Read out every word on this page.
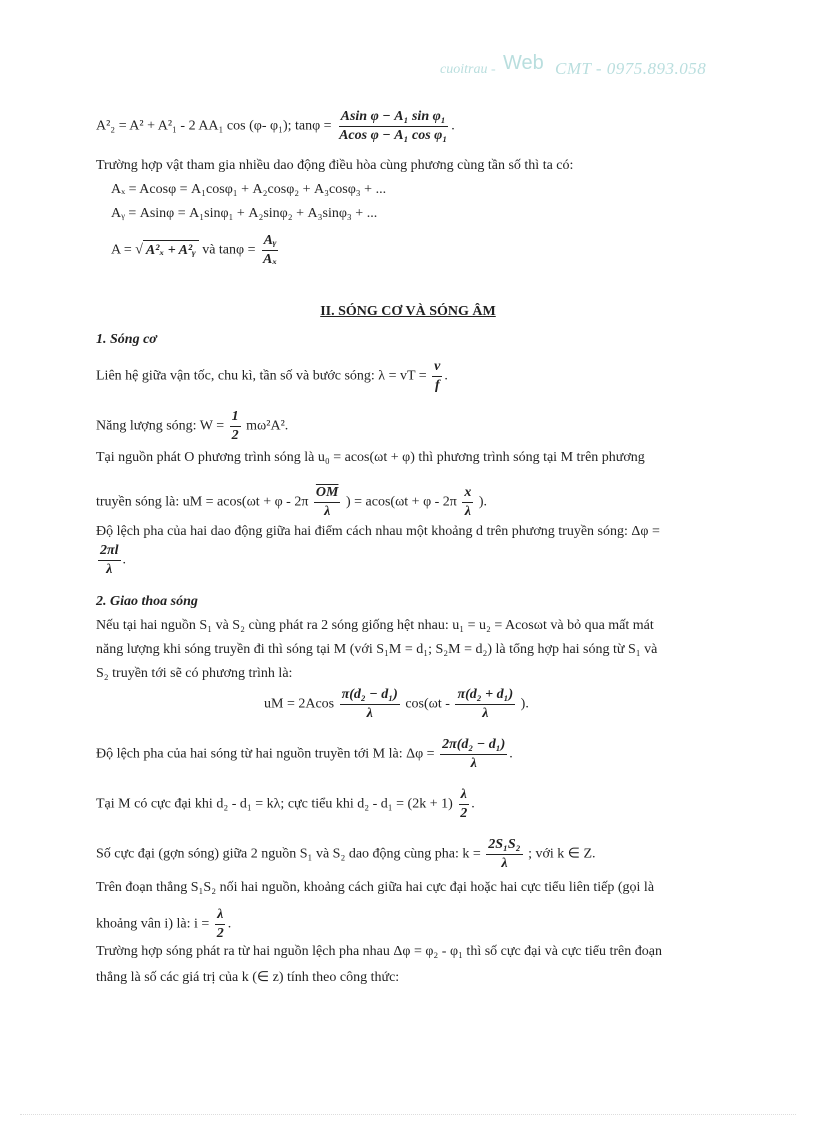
cuoitrau - Web CMT - 0975.893.058
A²₂ = A² + A²₁ - 2 AA₁ cos (φ- φ₁); $\tan\varphi = \frac{\text{Asin φ − A₁ sin φ₁}}{\text{Acos φ − A₁ cos φ₁}}$ .
Trường hợp vật tham gia nhiều dao động điều hòa cùng phương cùng tần số thì ta có:
Aₓ = Acosφ = A₁cosφ₁ + A₂cosφ₂ + A₃cosφ₃ + ...
Aᵧ = Asinφ = A₁sinφ₁ + A₂sinφ₂ + A₃sinφ₃ + ...
A = √ A²ₓ + A²ᵧ và $\tan\varphi = \frac{\text{Aᵧ}}{\text{Aₓ}}$
II. SÓNG CƠ VÀ SÓNG ÂM
1. Sóng cơ
Liên hệ giữa vận tốc, chu kì, tần số và bước sóng: λ = vT = $\frac{v}{f}$ .
Năng lượng sóng: $W = \frac{1}{2} m\omega^2A^2$.
Tại nguồn phát O phương trình sóng là u₀ = acos(ωt + φ) thì phương trình sóng tại M trên phương
truyền sóng là: uM = $acos(\omega t + \varphi - 2\pi \frac{\overline{OM}}{\lambda}$ ) = $acos(\omega t + \varphi - 2\pi \frac{x}{\lambda}$ ).
Độ lệch pha của hai dao động giữa hai điểm cách nhau một khoảng d trên phương truyền sóng: Δφ =
$\frac{2\pi l}{\lambda}$ .
2. Giao thoa sóng
Nếu tại hai nguồn S₁ và S₂ cùng phát ra 2 sóng giống hệt nhau: u₁ = u₂ = Acosωt và bỏ qua mất mát
năng lượng khi sóng truyền đi thì sóng tại M (với S₁M = d₁; S₂M = d₂) là tổng hợp hai sóng từ S₁ và
S₂ truyền tới sẽ có phương trình là:
uM = $2Acos \frac{\text{π(d₂ − d₁)}}{\lambda} \cos(\omega t - \frac{\text{π(d₂ + d₁)}}{\lambda}$ ).
Độ lệch pha của hai sóng từ hai nguồn truyền tới M là: $\Delta\varphi = \frac{\text{2π(d₂ − d₁)}}{\lambda}$ .
Tại M có cực đại khi d₂ - d₁ = kλ; cực tiểu khi $d_2 - d_1 = (2k + 1) \frac{\lambda}{2}$ .
Số cực đại (gợn sóng) giữa 2 nguồn S₁ và S₂ dao động cùng pha: $k = \frac{\text{2S₁S₂}}{\lambda}$ ; với k ∈ Z.
Trên đoạn thẳng S₁S₂ nối hai nguồn, khoảng cách giữa hai cực đại hoặc hai cực tiểu liên tiếp (gọi là
khoảng vân i) là: $i = \frac{\lambda}{2}$ .
Trường hợp sóng phát ra từ hai nguồn lệch pha nhau Δφ = φ₂ - φ₁ thì số cực đại và cực tiểu trên đoạn
thẳng là số các giá trị của k (∈ z) tính theo công thức:
